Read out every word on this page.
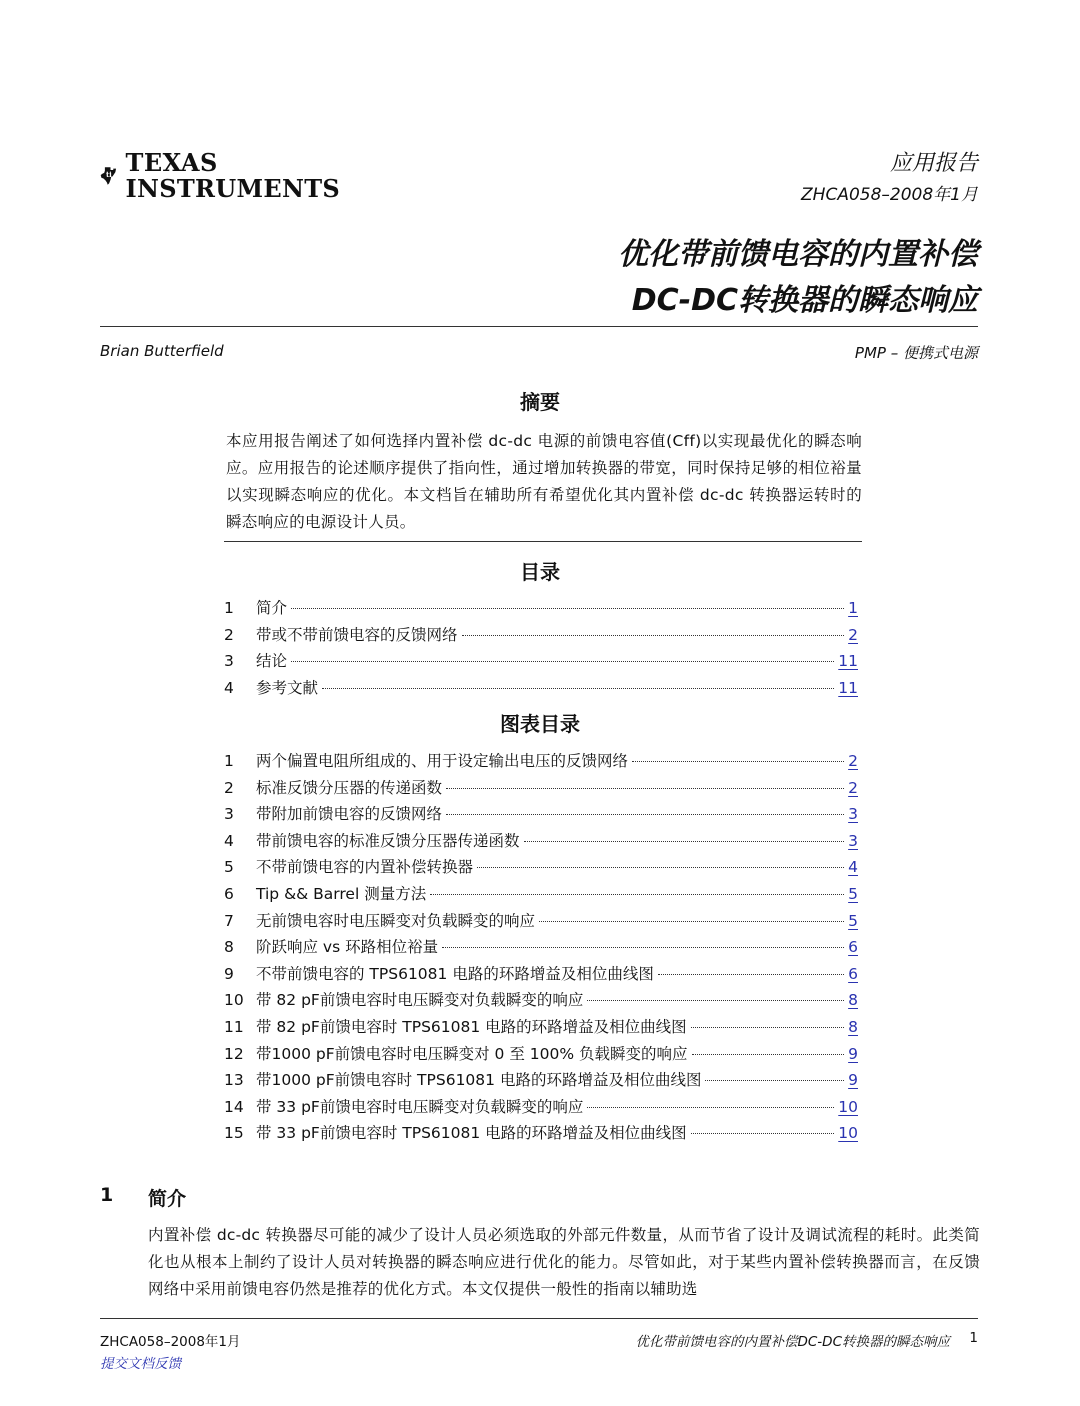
ti TEXAS
INSTRUMENTS
应用报告
ZHCA058–2008年1月
优化带前馈电容的内置补偿
DC-DC转换器的瞬态响应
Brian Butterfield	PMP – 便携式电源
摘要
本应用报告阐述了如何选择内置补偿 dc-dc 电源的前馈电容值(Cff)以实现最优化的瞬态响应。应用报告的论述顺序提供了指向性，通过增加转换器的带宽，同时保持足够的相位裕量以实现瞬态响应的优化。本文档旨在辅助所有希望优化其内置补偿 dc-dc 转换器运转时的瞬态响应的电源设计人员。
目录
1	简介	1
2	带或不带前馈电容的反馈网络	2
3	结论	11
4	参考文献	11
图表目录
1	两个偏置电阻所组成的、用于设定输出电压的反馈网络	2
2	标准反馈分压器的传递函数	2
3	带附加前馈电容的反馈网络	3
4	带前馈电容的标准反馈分压器传递函数	3
5	不带前馈电容的内置补偿转换器	4
6	Tip && Barrel 测量方法	5
7	无前馈电容时电压瞬变对负载瞬变的响应	5
8	阶跃响应 vs 环路相位裕量	6
9	不带前馈电容的 TPS61081 电路的环路增益及相位曲线图	6
10 带 82 pF前馈电容时电压瞬变对负载瞬变的响应	8
11 带 82 pF前馈电容时 TPS61081 电路的环路增益及相位曲线图	8
12 带1000 pF前馈电容时电压瞬变对 0 至 100% 负载瞬变的响应	9
13 带1000 pF前馈电容时 TPS61081 电路的环路增益及相位曲线图	9
14 带 33 pF前馈电容时电压瞬变对负载瞬变的响应	10
15 带 33 pF前馈电容时 TPS61081 电路的环路增益及相位曲线图	10
1 简介
内置补偿 dc-dc 转换器尽可能的减少了设计人员必须选取的外部元件数量，从而节省了设计及调试流程的耗时。此类简化也从根本上制约了设计人员对转换器的瞬态响应进行优化的能力。尽管如此，对于某些内置补偿转换器而言，在反馈网络中采用前馈电容仍然是推荐的优化方式。本文仅提供一般性的指南以辅助选
ZHCA058–2008年1月
提交文档反馈
优化带前馈电容的内置补偿DC-DC转换器的瞬态响应 1
